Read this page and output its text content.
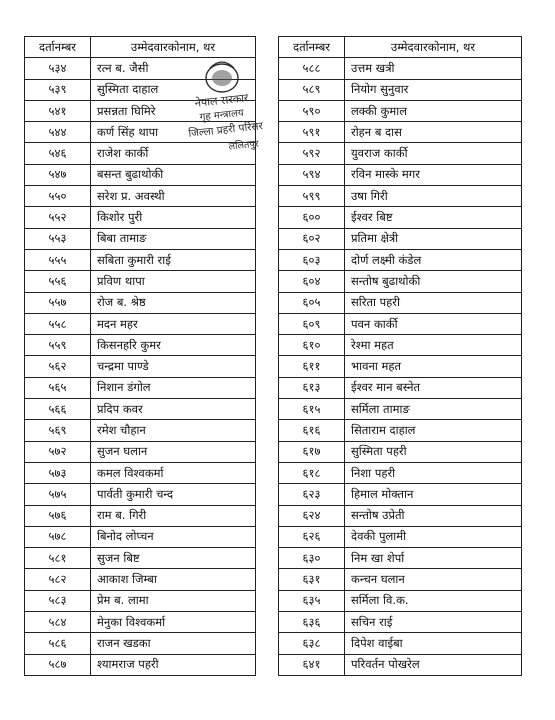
दर्तानम्बर	उम्मेदवारकोनाम, थर
५३४	रत्न ब. जैसी
५३९	सुस्मिता दाहाल
५४१	प्रसन्नता घिमिरे
५४४	कर्ण सिंह थापा
५४६	राजेश कार्की
५४७	बसन्त बुढाथोकी
५५०	सरेश प्र. अवस्थी
५५२	किशोर पुरी
५५३	बिबा तामाङ
५५५	सबिता कुमारी राई
५५६	प्रविण थापा
५५७	रोज ब. श्रेष्ठ
५५८	मदन महर
५५९	किसनहरि कुमर
५६२	चन्द्रमा पाण्डे
५६५	निशान डंगोल
५६६	प्रदिप कवर
५६९	रमेश चौहान
५७२	सुजन घलान
५७३	कमल विश्वकर्मा
५७५	पार्वती कुमारी चन्द
५७६	राम ब. गिरी
५७८	बिनोद लोप्चन
५८१	सुजन बिष्ट
५८२	आकाश जिम्बा
५८३	प्रेम ब. लामा
५८४	मेनुका विश्वकर्मा
५८६	राजन खडका
५८७	श्यामराज पहरी
दर्तानम्बर	उम्मेदवारकोनाम, थर
५८८	उत्तम खत्री
५८९	नियोग सुनुवार
५९०	लक्की कुमाल
५९१	रोहन ब दास
५९२	युवराज कार्की
५९४	रविन मास्के मगर
५९९	उषा गिरी
६००	ईश्वर बिष्ट
६०२	प्रतिमा क्षेत्री
६०३	दोर्ण लक्ष्मी कंडेल
६०४	सन्तोष बुढाथोकी
६०५	सरिता पहरी
६०९	पवन कार्की
६१०	रेश्मा महत
६११	भावना महत
६१३	ईश्वर मान बस्नेत
६१५	सर्मिला तामाङ
६१६	सिताराम दाहाल
६१७	सुस्मिता पहरी
६१८	निशा पहरी
६२३	हिमाल मोक्तान
६२४	सन्तोष उप्रेती
६२६	देवकी पुलामी
६३०	निम खा शेर्पा
६३१	कन्चन घलान
६३५	सर्मिला वि.क.
६३६	सचिन राई
६३८	दिपेश वाईबा
६४१	परिवर्तन पोखरेल
नेपाल सरकार
गृह मन्त्रालय
जिल्ला प्रहरी परिसर
ललितपुर
